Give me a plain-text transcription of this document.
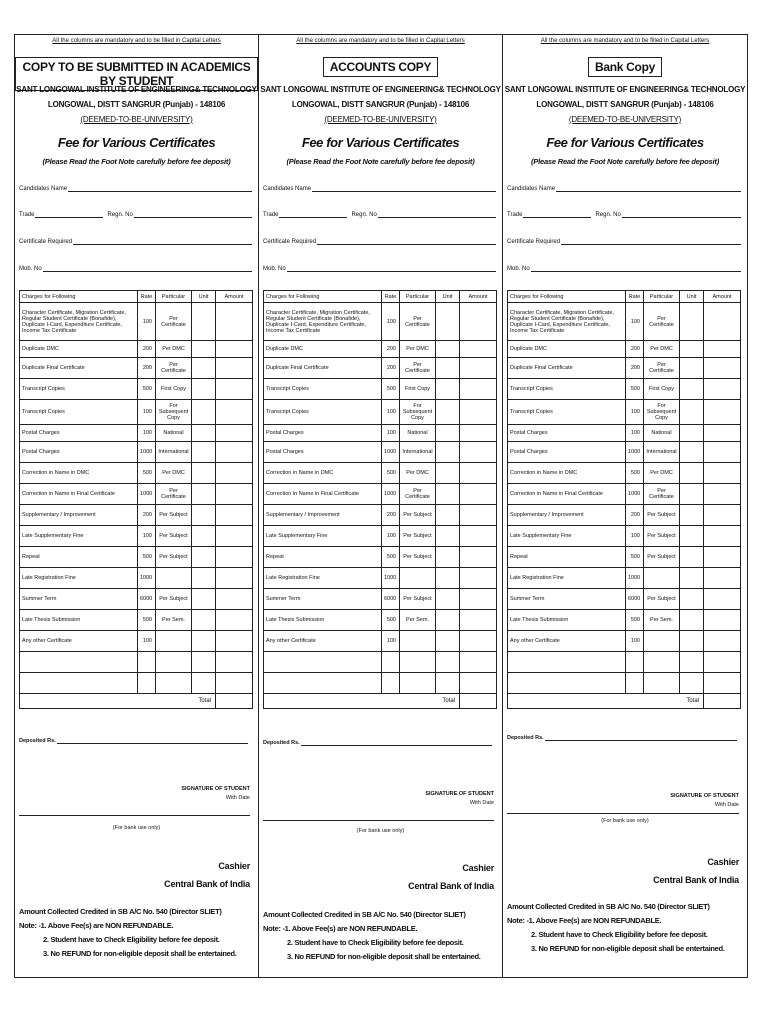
All the columns are mandatory and to be filled in Capital Letters
COPY TO BE SUBMITTED IN ACADEMICS BY STUDENT
SANT LONGOWAL INSTITUTE OF ENGINEERING& TECHNOLOGY
LONGOWAL, DISTT SANGRUR (Punjab) - 148106
(DEEMED-TO-BE-UNIVERSITY)
Fee for Various Certificates
(Please Read the Foot Note carefully before fee deposit)
Candidates Name
Trade	Regn. No
Certificate Required
Mob. No
Charges for Following	Rate	Particular	Unit	Amount
Character Certificate, Migration Certificate, Regular Student Certificate (Bonafide), Duplicate I-Card, Expenditure Certificate, Income Tax Certificate	100	Per Certificate		
Duplicate DMC	200	Per DMC		
Duplicate Final Certificate	200	Per Certificate		
Transcript Copies	500	First Copy		
Transcript Copies	100	For Subsequent Copy		
Postal Charges	100	National		
Postal Charges	1000	International		
Correction in Name in DMC	500	Per DMC		
Correction in Name in Final Certificate	1000	Per Certificate		
Supplementary / Improvement	200	Per Subject		
Late Supplementary Fine	100	Per Subject		
Repeat	500	Per Subject		
Late Registration Fine	1000			
Summer Term	6000	Per Subject		
Late Thesis Submission	500	Per Sem.		
Any other Certificate	100			

Total				
Deposited Rs.
SIGNATURE OF STUDENT
With Date
(For bank use only)
Cashier
Central Bank of India
Amount Collected Credited in SB A/C No. 540 (Director SLIET)
Note: -1. Above Fee(s) are NON REFUNDABLE.
2. Student have to Check Eligibility before fee deposit.
3. No REFUND for non-eligible deposit shall be entertained.
All the columns are mandatory and to be filled in Capital Letters
ACCOUNTS COPY
SANT LONGOWAL INSTITUTE OF ENGINEERING& TECHNOLOGY
LONGOWAL, DISTT SANGRUR (Punjab) - 148106
(DEEMED-TO-BE-UNIVERSITY)
Fee for Various Certificates
(Please Read the Foot Note carefully before fee deposit)
Candidates Name
Trade	Regn. No
Certificate Required
Mob. No
Charges for Following	Rate	Particular	Unit	Amount
Character Certificate, Migration Certificate, Regular Student Certificate (Bonafide), Duplicate I-Card, Expenditure Certificate, Income Tax Certificate	100	Per Certificate		
Duplicate DMC	200	Per DMC		
Duplicate Final Certificate	200	Per Certificate		
Transcript Copies	500	First Copy		
Transcript Copies	100	For Subsequent Copy		
Postal Charges	100	National		
Postal Charges	1000	International		
Correction in Name in DMC	500	Per DMC		
Correction in Name in Final Certificate	1000	Per Certificate		
Supplementary / Improvement	200	Per Subject		
Late Supplementary Fine	100	Per Subject		
Repeat	500	Per Subject		
Late Registration Fine	1000			
Summer Term	6000	Per Subject		
Late Thesis Submission	500	Per Sem.		
Any other Certificate	100			

Total				
Deposited Rs.
SIGNATURE OF STUDENT
With Date
(For bank use only)
Cashier
Central Bank of India
Amount Collected Credited in SB A/C No. 540 (Director SLIET)
Note: -1. Above Fee(s) are NON REFUNDABLE.
2. Student have to Check Eligibility before fee deposit.
3. No REFUND for non-eligible deposit shall be entertained.
All the columns are mandatory and to be filled in Capital Letters
Bank Copy
SANT LONGOWAL INSTITUTE OF ENGINEERING& TECHNOLOGY
LONGOWAL, DISTT SANGRUR (Punjab) - 148106
(DEEMED-TO-BE-UNIVERSITY)
Fee for Various Certificates
(Please Read the Foot Note carefully before fee deposit)
Candidates Name
Trade	Regn. No
Certificate Required
Mob. No
Charges for Following	Rate	Particular	Unit	Amount
Character Certificate, Migration Certificate, Regular Student Certificate (Bonafide), Duplicate I-Card, Expenditure Certificate, Income Tax Certificate	100	Per Certificate		
Duplicate DMC	200	Per DMC		
Duplicate Final Certificate	200	Per Certificate		
Transcript Copies	500	First Copy		
Transcript Copies	100	For Subsequent Copy		
Postal Charges	100	National		
Postal Charges	1000	International		
Correction in Name in DMC	500	Per DMC		
Correction in Name in Final Certificate	1000	Per Certificate		
Supplementary / Improvement	200	Per Subject		
Late Supplementary Fine	100	Per Subject		
Repeat	500	Per Subject		
Late Registration Fine	1000			
Summer Term	6000	Per Subject		
Late Thesis Submission	500	Per Sem.		
Any other Certificate	100			

Total				
Deposited Rs.
SIGNATURE OF STUDENT
With Date
(For bank use only)
Cashier
Central Bank of India
Amount Collected Credited in SB A/C No. 540 (Director SLIET)
Note: -1. Above Fee(s) are NON REFUNDABLE.
2. Student have to Check Eligibility before fee deposit.
3. No REFUND for non-eligible deposit shall be entertained.
